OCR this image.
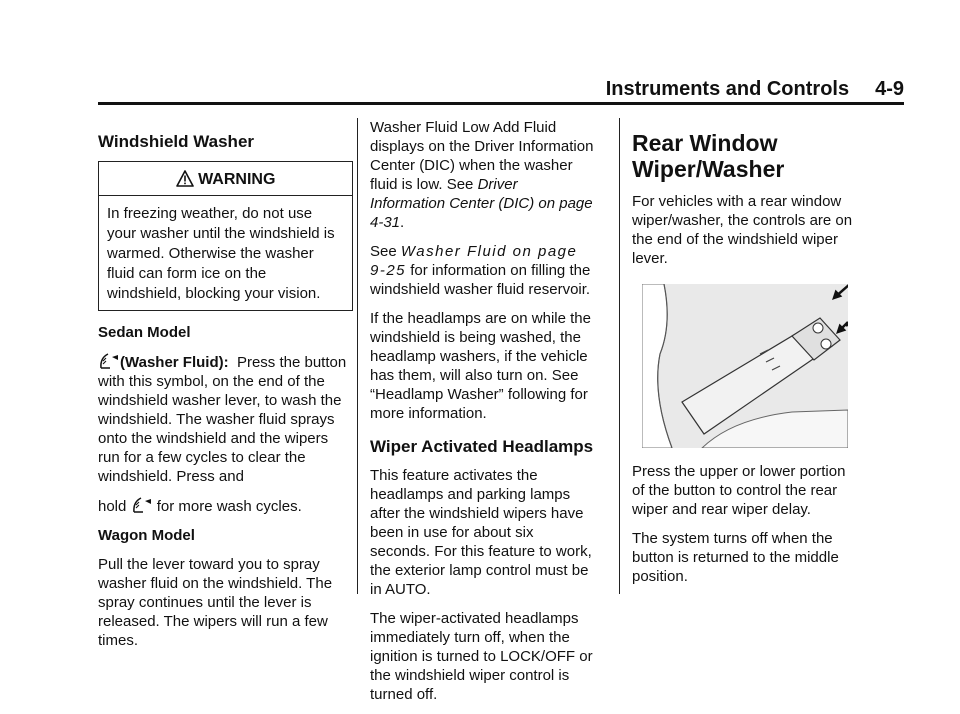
Instruments and Controls 4-9
Windshield Washer
WARNING
In freezing weather, do not use your washer until the windshield is warmed. Otherwise the washer fluid can form ice on the windshield, blocking your vision.

Sedan Model

(Washer Fluid): Press the button with this symbol, on the end of the windshield washer lever, to wash the windshield. The washer fluid sprays onto the windshield and the wipers run for a few cycles to clear the windshield. Press and

hold for more wash cycles.

Wagon Model

Pull the lever toward you to spray washer fluid on the windshield. The spray continues until the lever is released. The wipers will run a few times.

Washer Fluid Low Add Fluid displays on the Driver Information Center (DIC) when the washer fluid is low. See Driver Information Center (DIC) on page 4-31.

See Washer Fluid on page 9-25 for information on filling the windshield washer fluid reservoir.

If the headlamps are on while the windshield is being washed, the headlamp washers, if the vehicle has them, will also turn on. See “Headlamp Washer” following for more information.

Wiper Activated Headlamps

This feature activates the headlamps and parking lamps after the windshield wipers have been in use for about six seconds. For this feature to work, the exterior lamp control must be in AUTO.

The wiper-activated headlamps immediately turn off, when the ignition is turned to LOCK/OFF or the windshield wiper control is turned off.

Rear Window Wiper/Washer

For vehicles with a rear window wiper/washer, the controls are on the end of the windshield wiper lever.

Press the upper or lower portion of the button to control the rear wiper and rear wiper delay.

The system turns off when the button is returned to the middle position.
